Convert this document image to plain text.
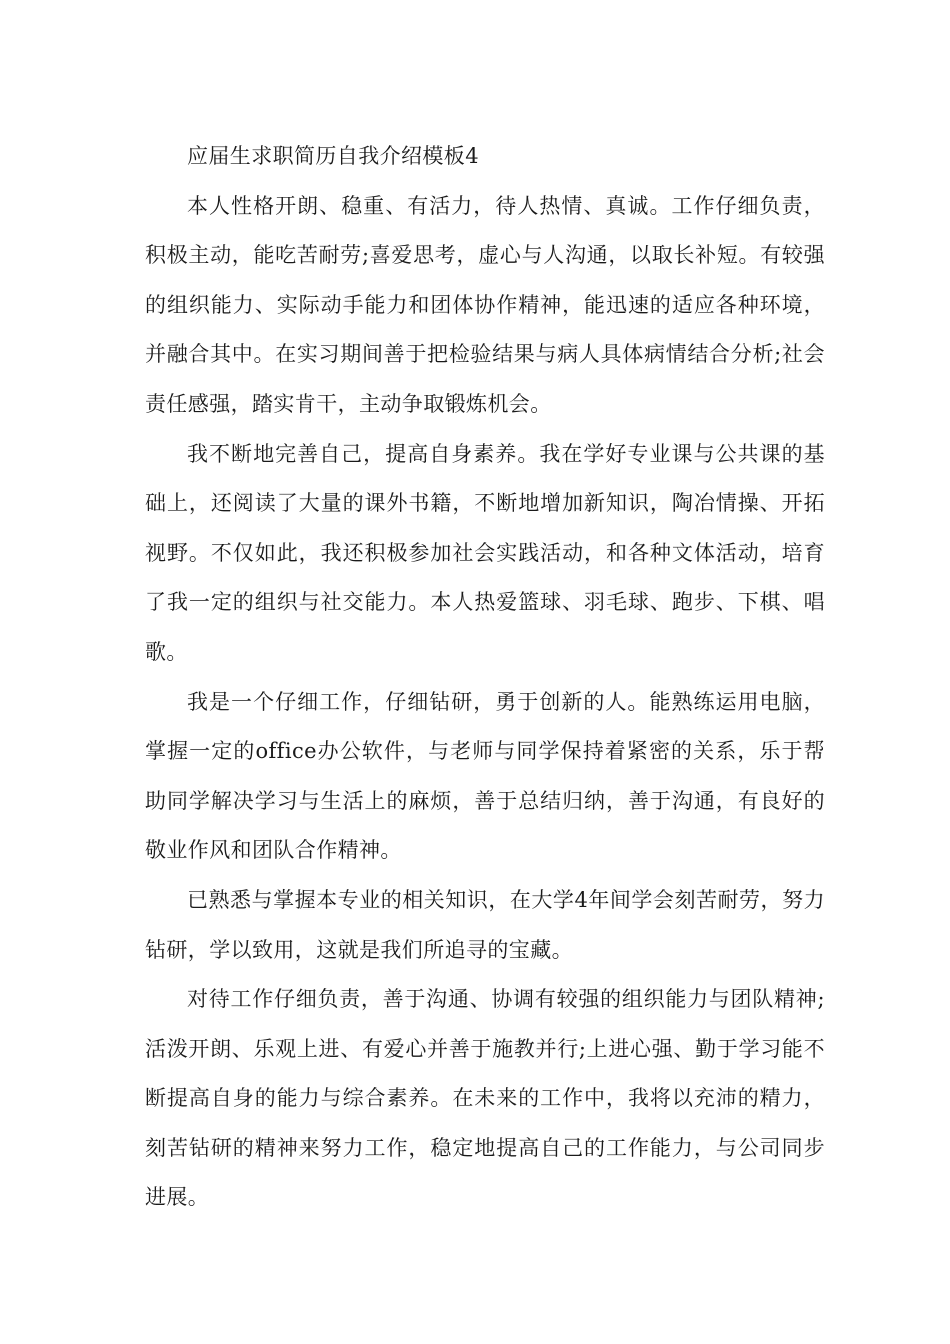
应届生求职简历自我介绍模板4

本人性格开朗、稳重、有活力，待人热情、真诚。工作仔细负责，积极主动，能吃苦耐劳;喜爱思考，虚心与人沟通，以取长补短。有较强的组织能力、实际动手能力和团体协作精神，能迅速的适应各种环境，并融合其中。在实习期间善于把检验结果与病人具体病情结合分析;社会责任感强，踏实肯干，主动争取锻炼机会。

我不断地完善自己，提高自身素养。我在学好专业课与公共课的基础上，还阅读了大量的课外书籍，不断地增加新知识，陶冶情操、开拓视野。不仅如此，我还积极参加社会实践活动，和各种文体活动，培育了我一定的组织与社交能力。本人热爱篮球、羽毛球、跑步、下棋、唱歌。

我是一个仔细工作，仔细钻研，勇于创新的人。能熟练运用电脑，掌握一定的office办公软件，与老师与同学保持着紧密的关系，乐于帮助同学解决学习与生活上的麻烦，善于总结归纳，善于沟通，有良好的敬业作风和团队合作精神。

已熟悉与掌握本专业的相关知识，在大学4年间学会刻苦耐劳，努力钻研，学以致用，这就是我们所追寻的宝藏。

对待工作仔细负责，善于沟通、协调有较强的组织能力与团队精神;活泼开朗、乐观上进、有爱心并善于施教并行;上进心强、勤于学习能不断提高自身的能力与综合素养。在未来的工作中，我将以充沛的精力，刻苦钻研的精神来努力工作，稳定地提高自己的工作能力，与公司同步进展。
